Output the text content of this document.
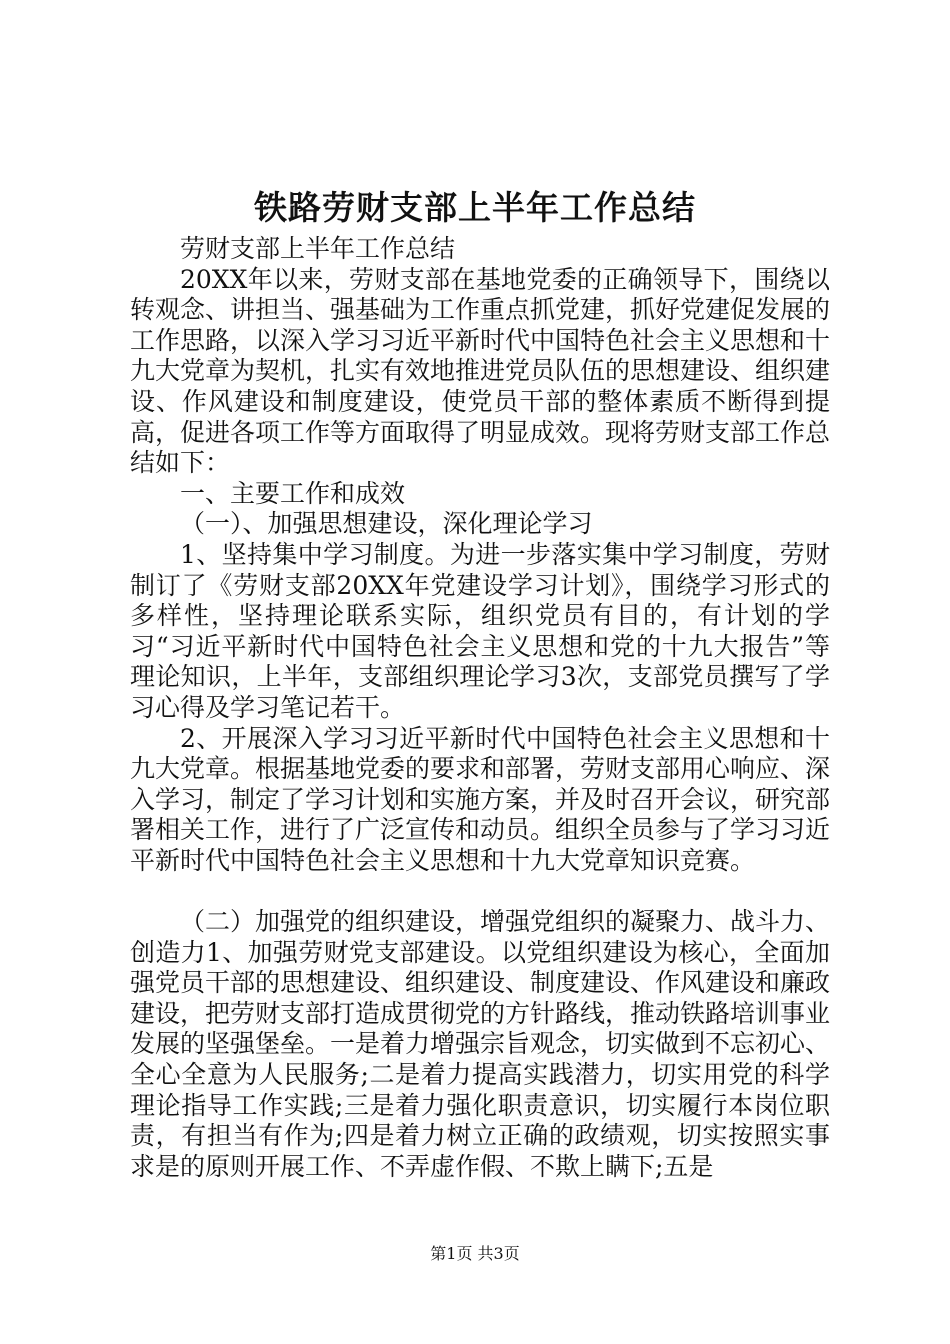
铁路劳财支部上半年工作总结

劳财支部上半年工作总结

20XX年以来，劳财支部在基地党委的正确领导下，围绕以转观念、讲担当、强基础为工作重点抓党建，抓好党建促发展的工作思路，以深入学习习近平新时代中国特色社会主义思想和十九大党章为契机，扎实有效地推进党员队伍的思想建设、组织建设、作风建设和制度建设，使党员干部的整体素质不断得到提高，促进各项工作等方面取得了明显成效。现将劳财支部工作总结如下：

一、主要工作和成效

（一）、加强思想建设，深化理论学习

1、坚持集中学习制度。为进一步落实集中学习制度，劳财制订了《劳财支部20XX年党建设学习计划》，围绕学习形式的多样性，坚持理论联系实际，组织党员有目的，有计划的学习“习近平新时代中国特色社会主义思想和党的十九大报告”等理论知识，上半年，支部组织理论学习3次，支部党员撰写了学习心得及学习笔记若干。

2、开展深入学习习近平新时代中国特色社会主义思想和十九大党章。根据基地党委的要求和部署，劳财支部用心响应、深入学习，制定了学习计划和实施方案，并及时召开会议，研究部署相关工作，进行了广泛宣传和动员。组织全员参与了学习习近平新时代中国特色社会主义思想和十九大党章知识竞赛。

（二）加强党的组织建设，增强党组织的凝聚力、战斗力、创造力1、加强劳财党支部建设。以党组织建设为核心，全面加强党员干部的思想建设、组织建设、制度建设、作风建设和廉政建设，把劳财支部打造成贯彻党的方针路线，推动铁路培训事业发展的坚强堡垒。一是着力增强宗旨观念，切实做到不忘初心、全心全意为人民服务;二是着力提高实践潜力，切实用党的科学理论指导工作实践;三是着力强化职责意识，切实履行本岗位职责，有担当有作为;四是着力树立正确的政绩观，切实按照实事求是的原则开展工作、不弄虚作假、不欺上瞒下;五是

第1页 共3页
